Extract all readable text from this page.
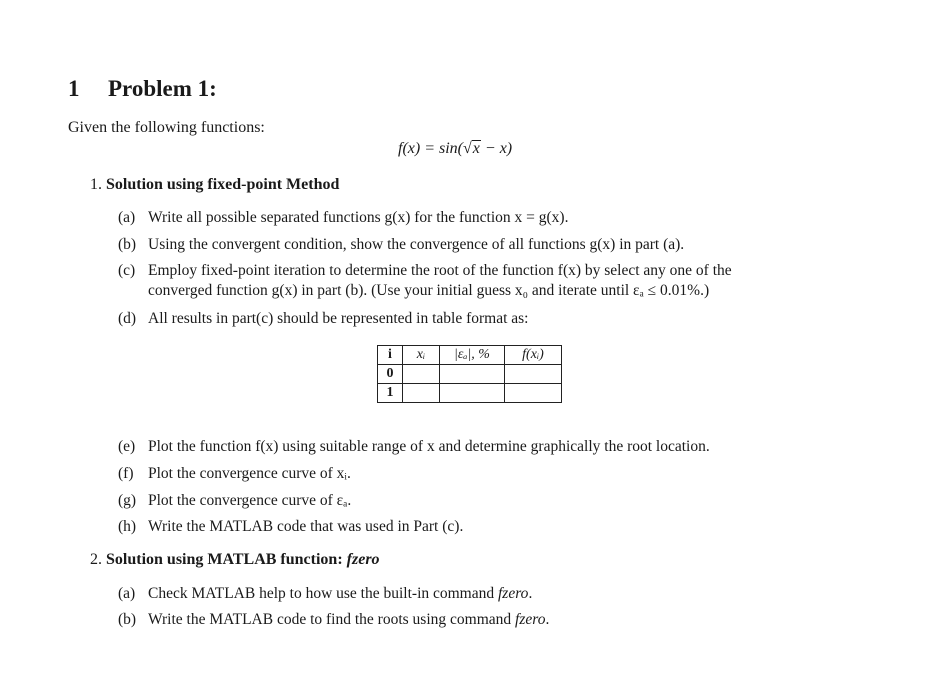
1 Problem 1:
Given the following functions:
f(x) = sin(√x − x)
1. Solution using fixed-point Method
(a) Write all possible separated functions g(x) for the function x = g(x).
(b) Using the convergent condition, show the convergence of all functions g(x) in part (a).
(c) Employ fixed-point iteration to determine the root of the function f(x) by select any one of the
converged function g(x) in part (b). (Use your initial guess x₀ and iterate until εₐ ≤ 0.01%.)
(d) All results in part(c) should be represented in table format as:
i	xᵢ	|εₐ|, %	f(xᵢ)
0			
1			
(e) Plot the function f(x) using suitable range of x and determine graphically the root location.
(f) Plot the convergence curve of xᵢ.
(g) Plot the convergence curve of εₐ.
(h) Write the MATLAB code that was used in Part (c).
2. Solution using MATLAB function: fzero
(a) Check MATLAB help to how use the built-in command fzero.
(b) Write the MATLAB code to find the roots using command fzero.
